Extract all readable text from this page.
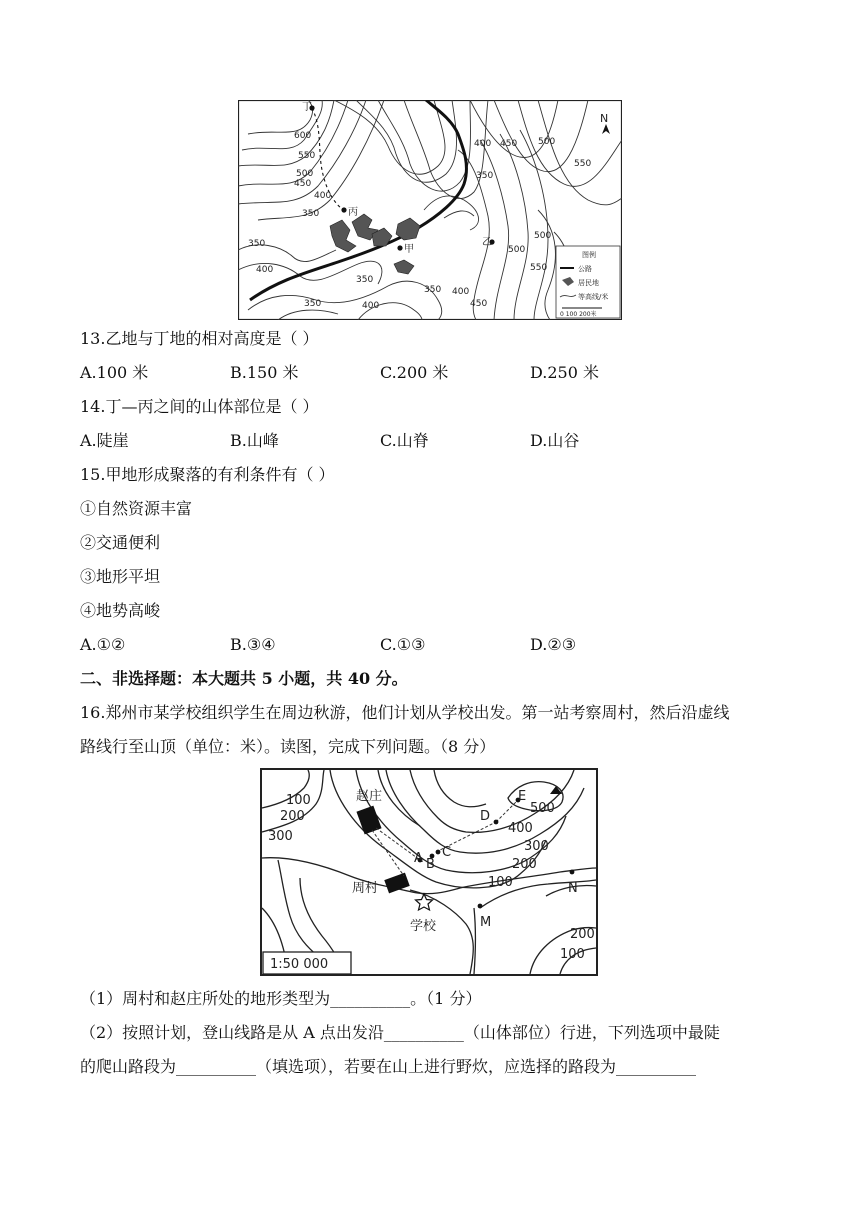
丁
丙
甲
乙
N
600
550
500
450
400
350
350
400
350
400
350
350
400 450 500
350 400
450
500
550
500
550
图例
公路
居民地
等高线/米
0 100 200米
13.乙地与丁地的相对高度是（ ）
A.100 米	B.150 米	C.200 米	D.250 米
14.丁—丙之间的山体部位是（ ）
A.陡崖	B.山峰	C.山脊	D.山谷
15.甲地形成聚落的有利条件有（ ）
①自然资源丰富
②交通便利
③地形平坦
④地势高峻
A.①②	B.③④	C.①③	D.②③
二、非选择题：本大题共 5 小题，共 40 分。
16.郑州市某学校组织学生在周边秋游，他们计划从学校出发。第一站考察周村，然后沿虚线
路线行至山顶（单位：米）。读图，完成下列问题。（8 分）
赵庄
周村
学校
A B
C
D
E
M
N
100
200
300
500
400
300
200
100
200
100
1:50 000
（1）周村和赵庄所处的地形类型为__________。（1 分）
（2）按照计划，登山线路是从 A 点出发沿__________（山体部位）行进，下列选项中最陡
的爬山路段为__________（填选项），若要在山上进行野炊，应选择的路段为__________
